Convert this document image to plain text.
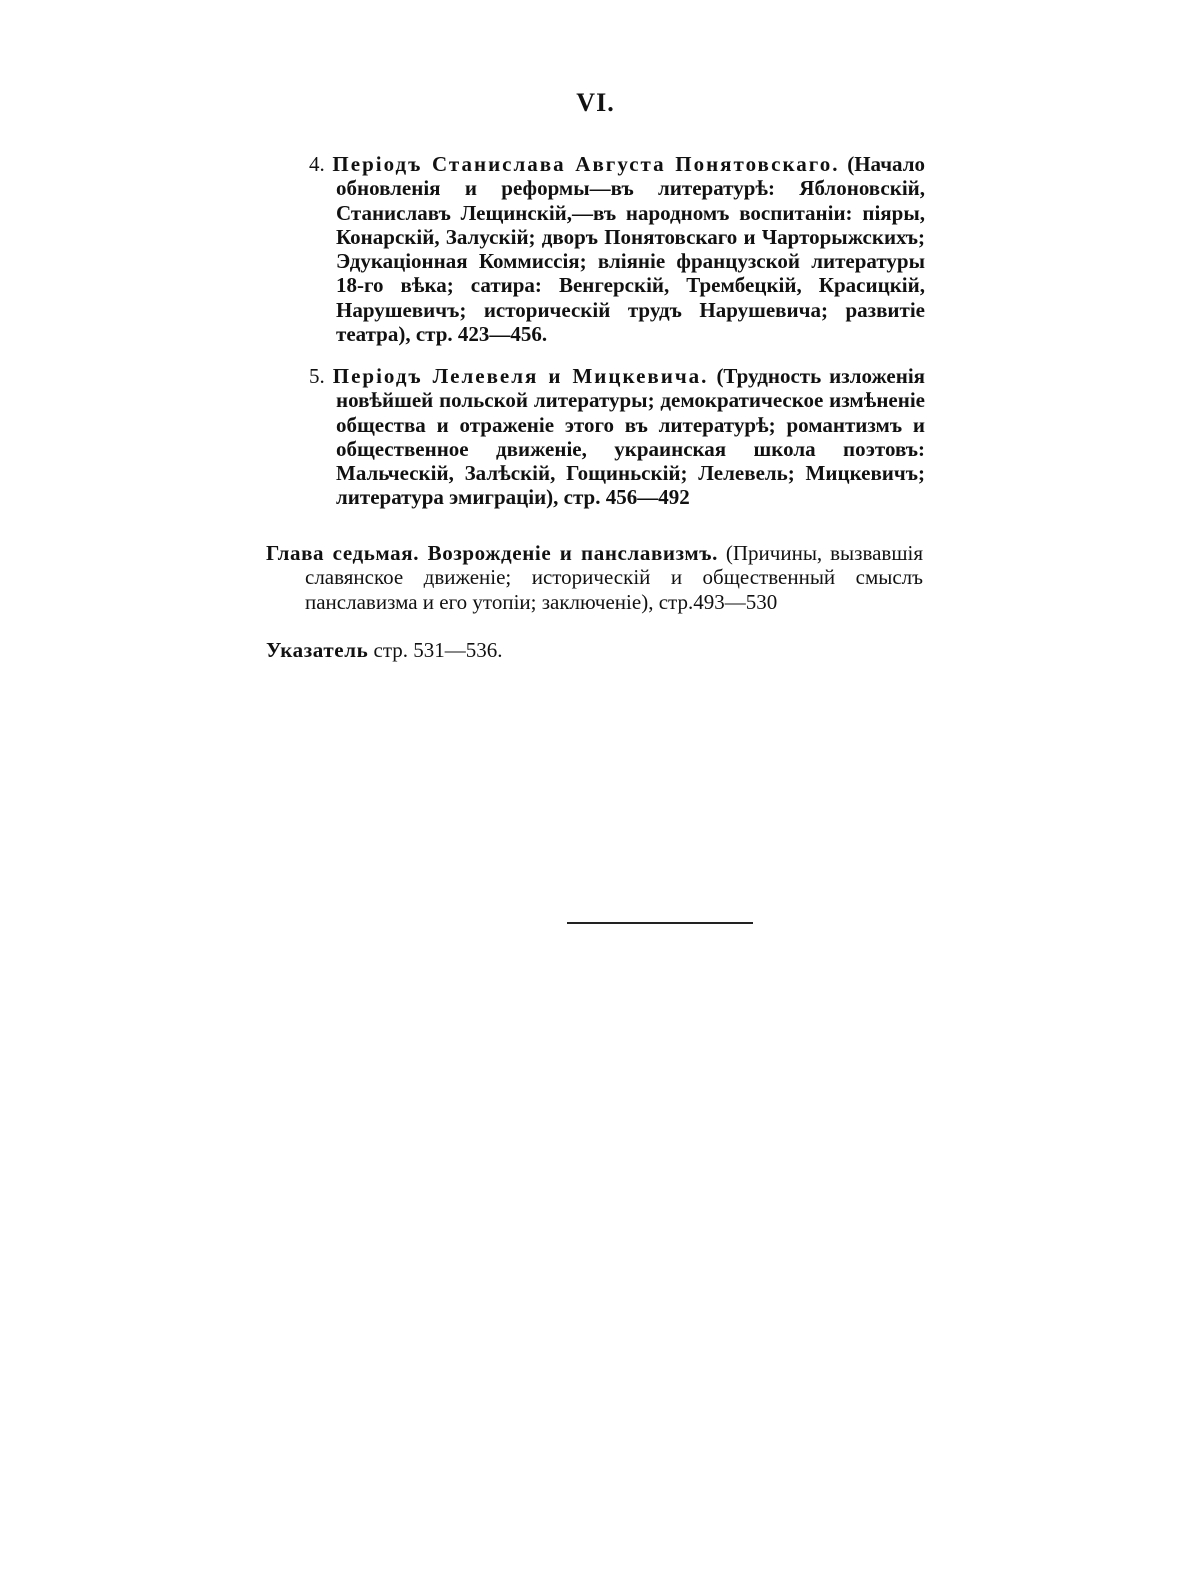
VI.

4. Періодъ Станислава Августа Понятовскаго. (Начало обновленія и реформы—въ литературѣ: Яблоновскій, Станиславъ Лещинскій,—въ народномъ воспитаніи: піяры, Конарскій, Залускій; дворъ Понятовскаго и Чарторыжскихъ; Эдукаціонная Коммиссія; вліяніе французской литературы 18-го вѣка; сатира: Венгерскій, Трембецкій, Красицкій, Нарушевичъ; историческій трудъ Нарушевича; развитіе театра), стр. 423—456.

5. Періодъ Лелевеля и Мицкевича. (Трудность изложенія новѣйшей польской литературы; демократическое измѣненіе общества и отраженіе этого въ литературѣ; романтизмъ и общественное движеніе, украинская школа поэтовъ: Мальческій, Залѣскій, Гощиньскій; Лелевель; Мицкевичъ; литература эмиграціи), стр. 456—492

Глава седьмая. Возрожденіе и панславизмъ. (Причины, вызвавшія славянское движеніе; историческій и общественный смыслъ панславизма и его утопіи; заключеніе), стр.493—530

Указатель стр. 531—536.
